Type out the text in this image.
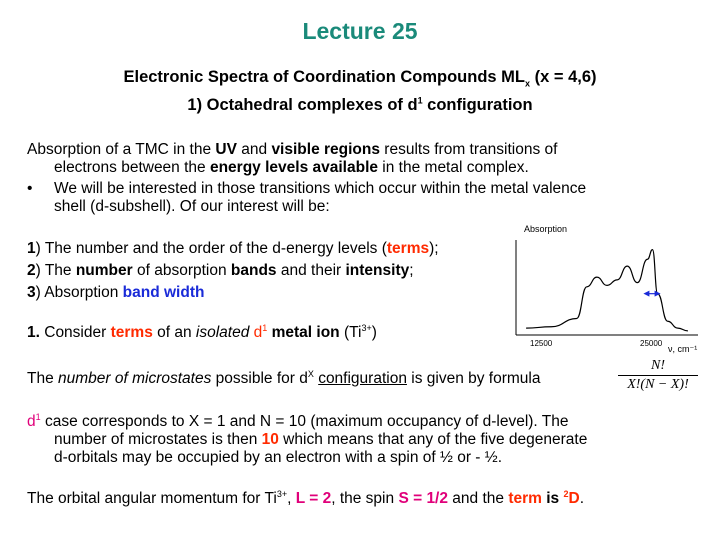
Lecture 25
Electronic Spectra of Coordination Compounds $ML_x$ (x = 4,6)
1) Octahedral complexes of $d^1$ configuration
Absorption of a TMC in the UV and visible regions results from transitions of
electrons between the energy levels available in the metal complex.
• We will be interested in those transitions which occur within the metal valence
shell (d-subshell). Of our interest will be:
1) The number and the order of the d-energy levels (terms);
2) The number of absorption bands and their intensity;
3) Absorption band width
1. Consider terms of an isolated $d^1$ metal ion $(Ti^{3+})$
The number of microstates possible for $d^X$ configuration is given by formula
N!
X!(N − X)!
$d^1$ case corresponds to X = 1 and N = 10 (maximum occupancy of d-level). The
number of microstates is then 10 which means that any of the five degenerate
d-orbitals may be occupied by an electron with a spin of ½ or - ½.
The orbital angular momentum for $Ti^{3+}$, L = 2, the spin S = 1/2 and the term is $^2$D.
Absorption
12500	25000
ν, cm⁻¹
